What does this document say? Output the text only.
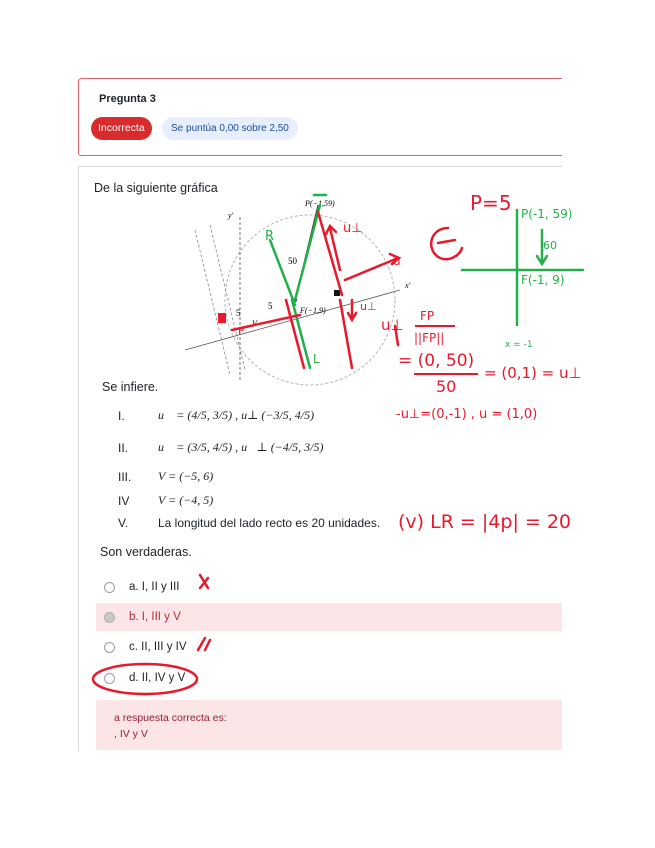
Pregunta 3
Incorrecta	Se puntúa 0,00 sobre 2,50
De la siguiente gráfica
50
5
5
P(−1,59)
F(−1,9)
x'
y'
V
R
L
P(-1, 59)
60
F(-1, 9)
x = -1
P=5
u⊥
u
u⊥
P	u⊥ FP
||FP||
= (0, 50)
50
= (0,1) = u⊥
-u⊥=(0,-1) , u = (1,0)
(v) LR = |4p| = 20
Se infiere.
I.	u⃗ = (4/5, 3/5) , u⊥ (−3/5, 4/5)
II.	u⃗ = (3/5, 4/5) , u⃗⊥ (−4/5, 3/5)
III.	V = (−5, 6)
IV	V = (−4, 5)
V.	La longitud del lado recto es 20 unidades.
Son verdaderas.
a. I, II y III
b. I, III y V
c. II, III y IV
d. II, IV y V
a respuesta correcta es:
, IV y V
